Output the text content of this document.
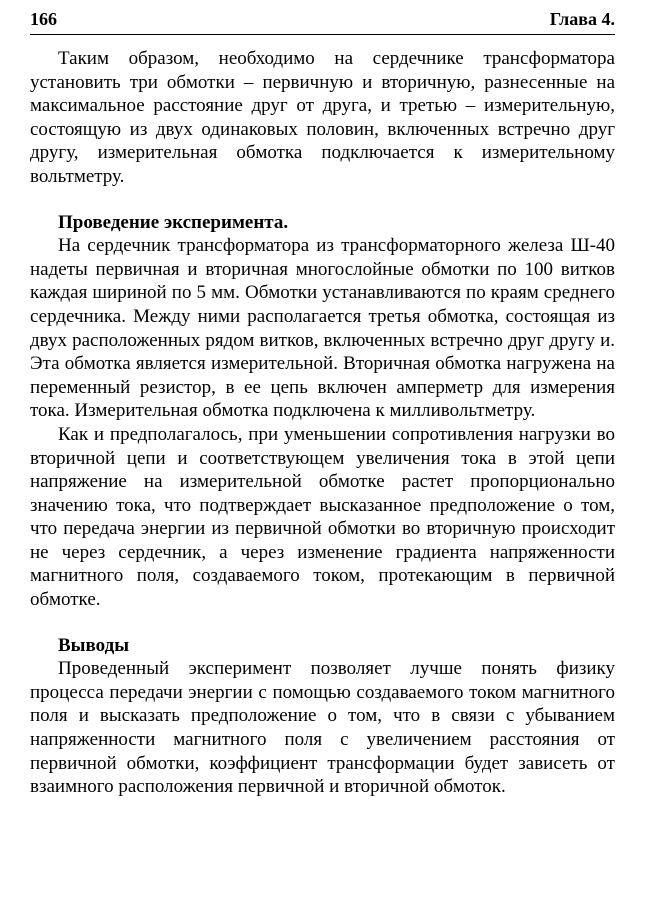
166	Глава 4.

Таким образом, необходимо на сердечнике трансформатора установить три обмотки – первичную и вторичную, разнесенные на максимальное расстояние друг от друга, и третью – измерительную, состоящую из двух одинаковых половин, включенных встречно друг другу, измерительная обмотка подключается к измерительному вольтметру.

Проведение эксперимента.

На сердечник трансформатора из трансформаторного железа Ш-40 надеты первичная и вторичная многослойные обмотки по 100 витков каждая шириной по 5 мм. Обмотки устанавливаются по краям среднего сердечника. Между ними располагается третья обмотка, состоящая из двух расположенных рядом витков, включенных встречно друг другу и. Эта обмотка является измерительной. Вторичная обмотка нагружена на переменный резистор, в ее цепь включен амперметр для измерения тока. Измерительная обмотка подключена к милливольтметру.

Как и предполагалось, при уменьшении сопротивления нагрузки во вторичной цепи и соответствующем увеличения тока в этой цепи напряжение на измерительной обмотке растет пропорционально значению тока, что подтверждает высказанное предположение о том, что передача энергии из первичной обмотки во вторичную происходит не через сердечник, а через изменение градиента напряженности магнитного поля, создаваемого током, протекающим в первичной обмотке.

Выводы

Проведенный эксперимент позволяет лучше понять физику процесса передачи энергии с помощью создаваемого током магнитного поля и высказать предположение о том, что в связи с убыванием напряженности магнитного поля с увеличением расстояния от первичной обмотки, коэффициент трансформации будет зависеть от взаимного расположения первичной и вторичной обмоток.
